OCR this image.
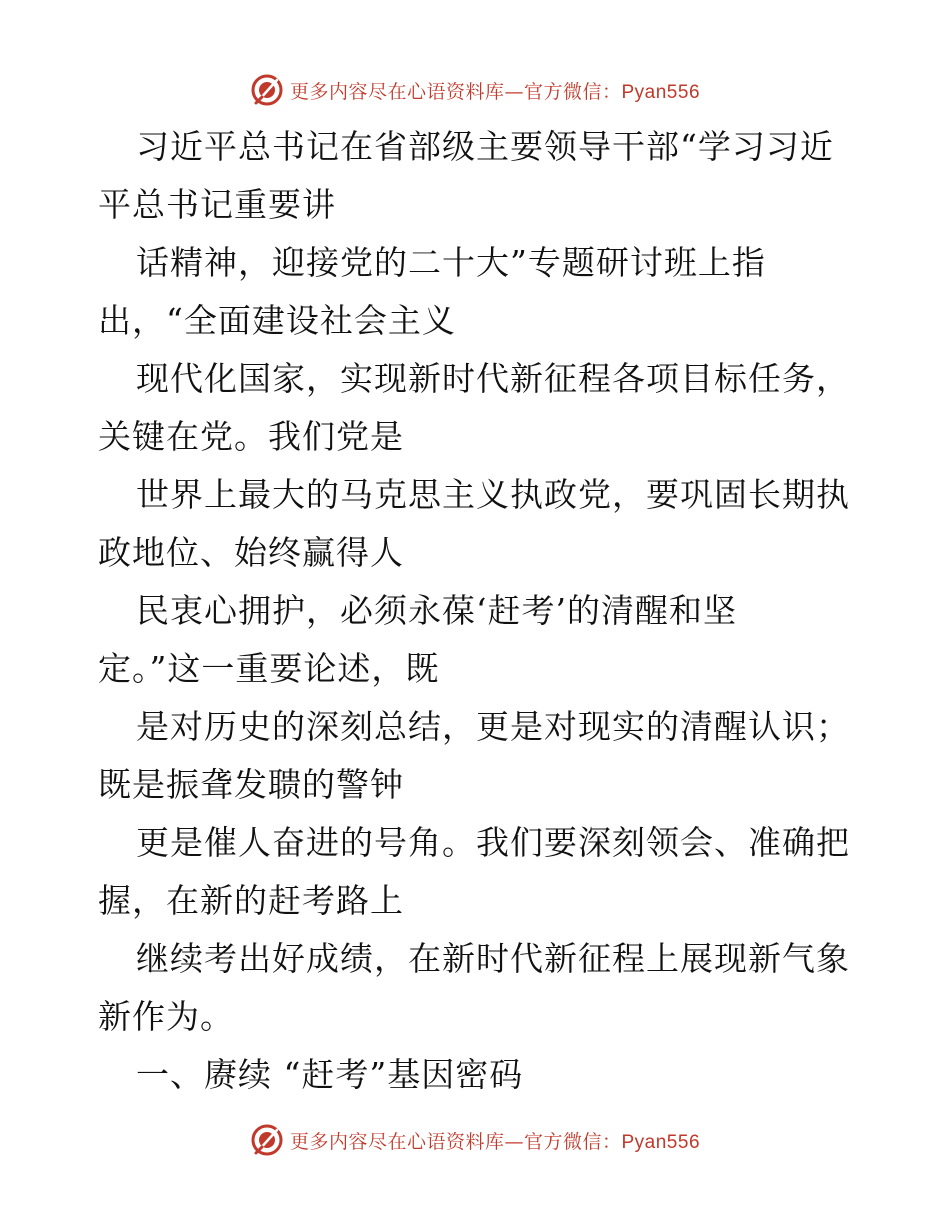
更多内容尽在心语资料库—官方微信：Pyan556
习近平总书记在省部级主要领导干部“学习习近
平总书记重要讲
话精神，迎接党的二十大”专题研讨班上指
出，“全面建设社会主义
现代化国家，实现新时代新征程各项目标任务，
关键在党。我们党是
世界上最大的马克思主义执政党，要巩固长期执
政地位、始终赢得人
民衷心拥护，必须永葆‘赶考’的清醒和坚
定。”这一重要论述，既
是对历史的深刻总结，更是对现实的清醒认识；
既是振聋发聩的警钟
更是催人奋进的号角。我们要深刻领会、准确把
握，在新的赶考路上
继续考出好成绩，在新时代新征程上展现新气象
新作为。
一、赓续 “赶考”基因密码
更多内容尽在心语资料库—官方微信：Pyan556
